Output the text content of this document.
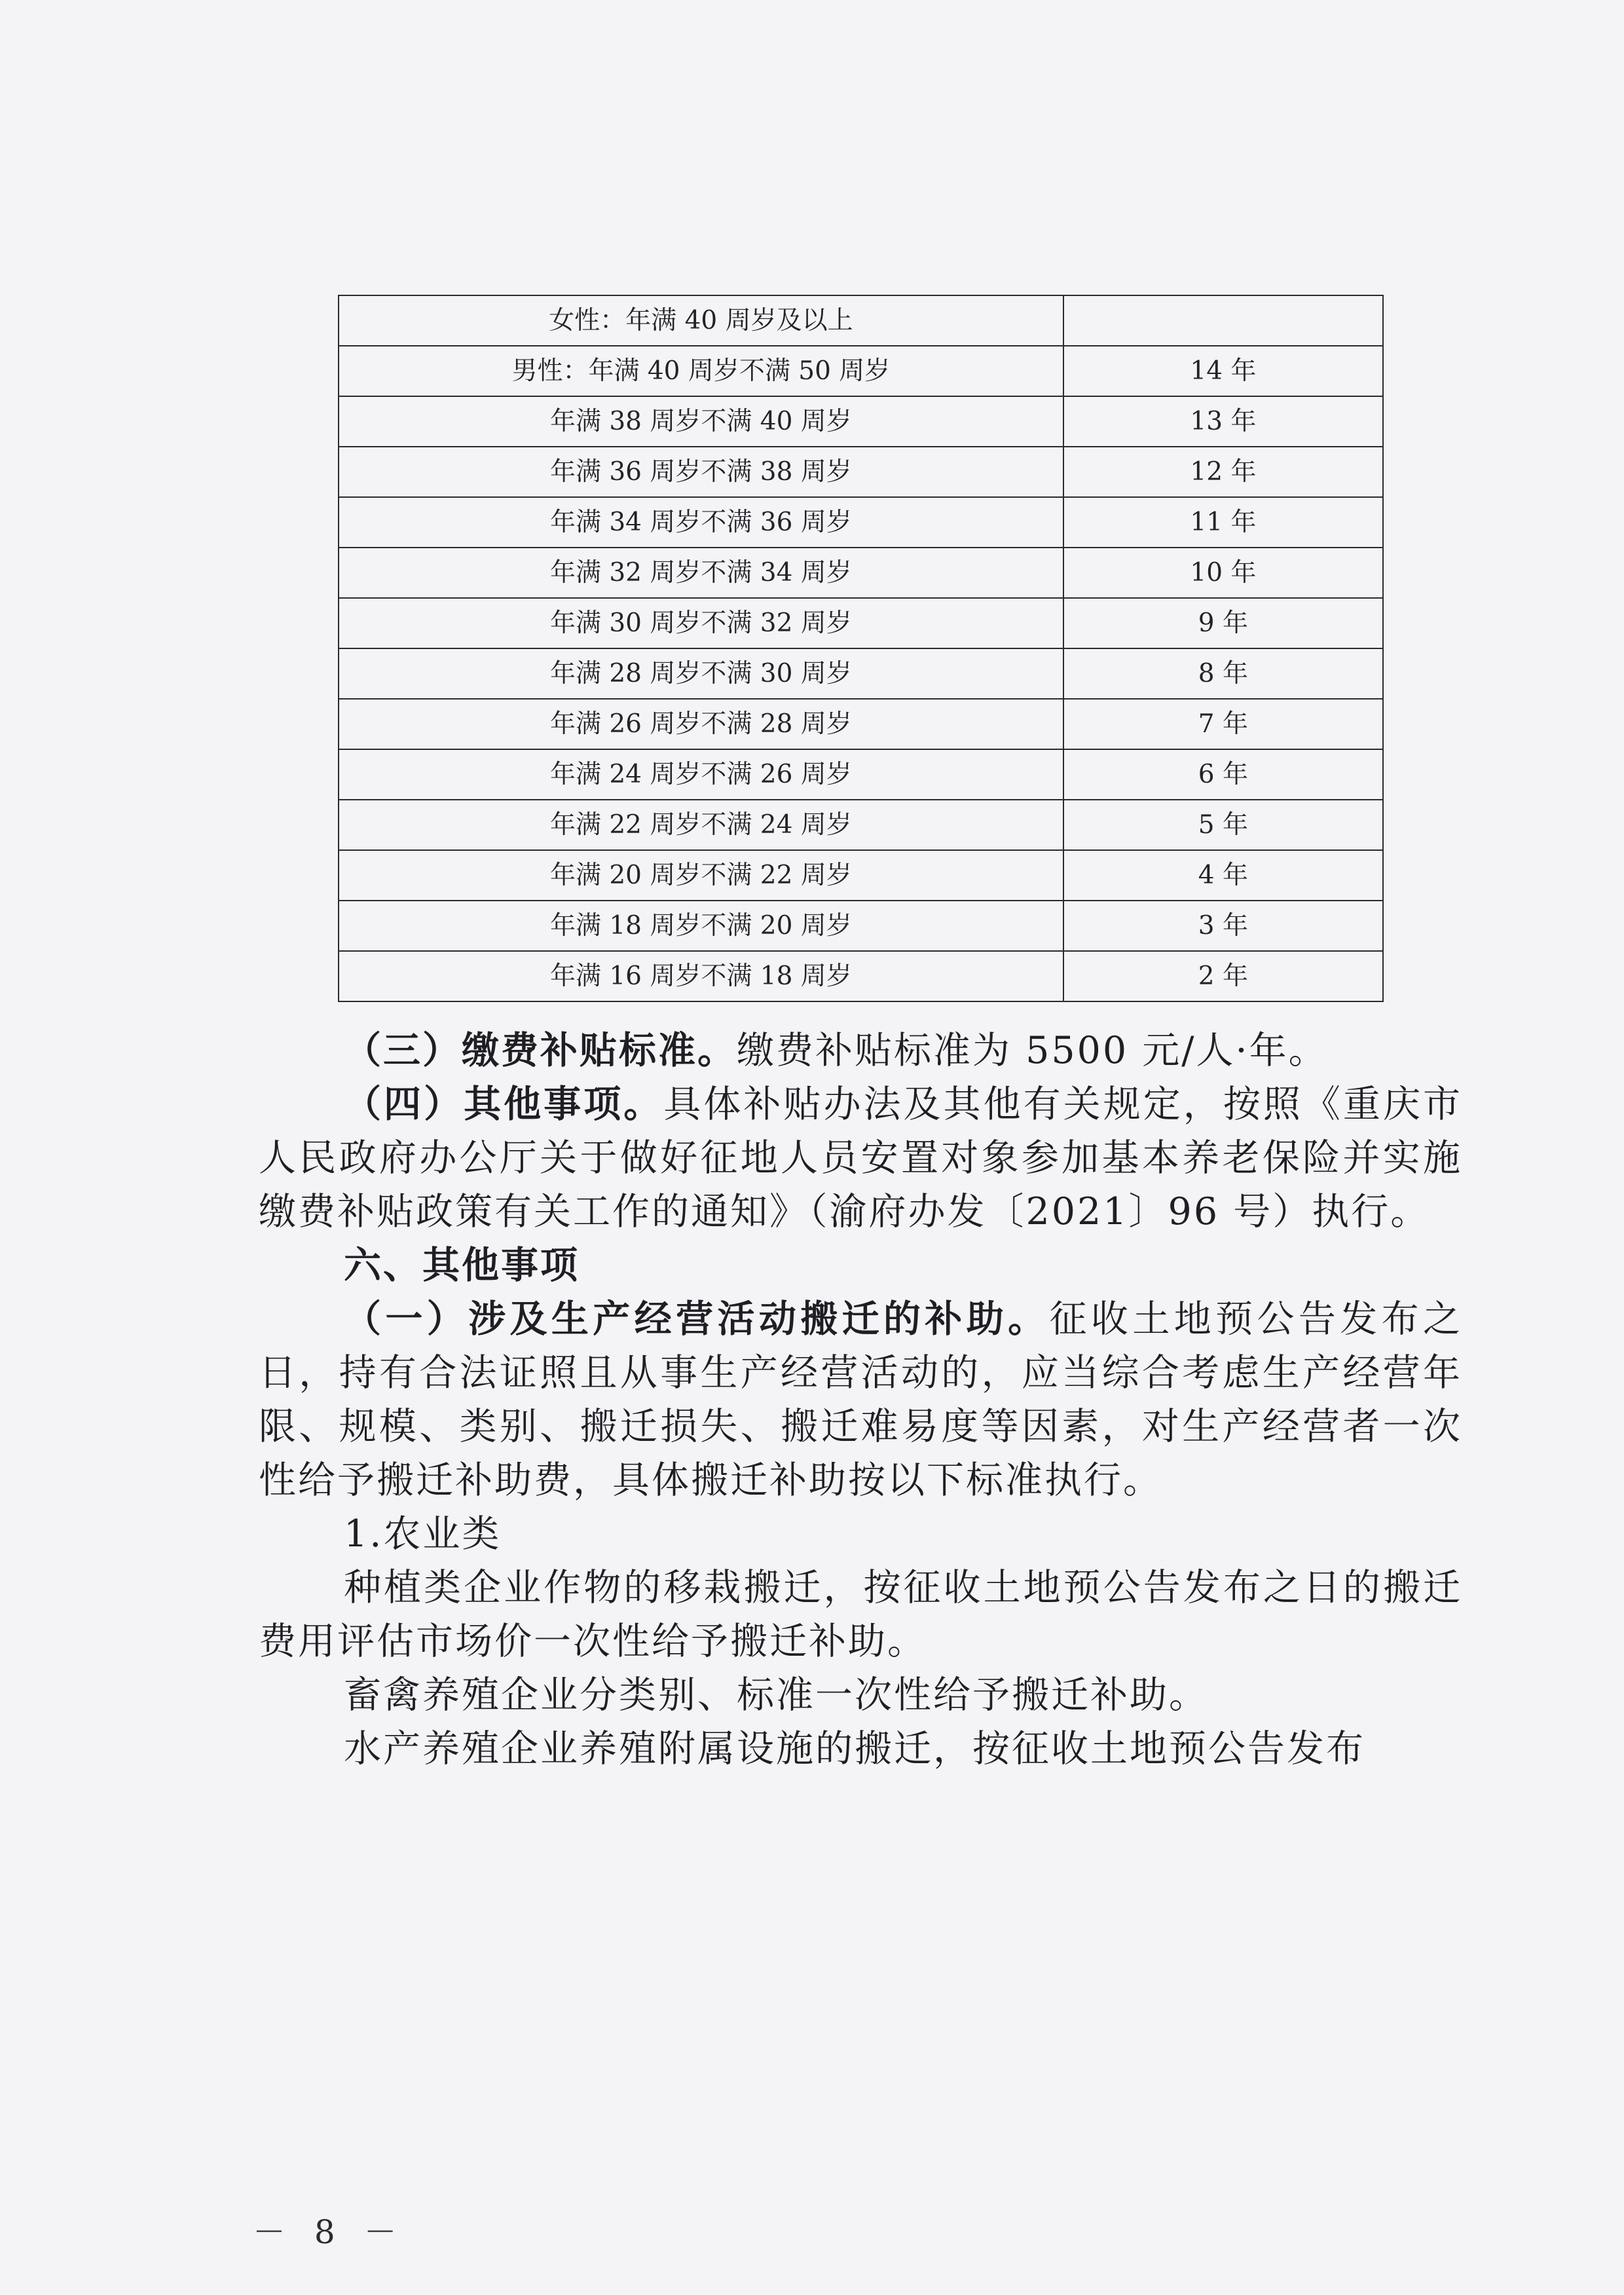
女性：年满 40 周岁及以上	
男性：年满 40 周岁不满 50 周岁	14 年
年满 38 周岁不满 40 周岁	13 年
年满 36 周岁不满 38 周岁	12 年
年满 34 周岁不满 36 周岁	11 年
年满 32 周岁不满 34 周岁	10 年
年满 30 周岁不满 32 周岁	9 年
年满 28 周岁不满 30 周岁	8 年
年满 26 周岁不满 28 周岁	7 年
年满 24 周岁不满 26 周岁	6 年
年满 22 周岁不满 24 周岁	5 年
年满 20 周岁不满 22 周岁	4 年
年满 18 周岁不满 20 周岁	3 年
年满 16 周岁不满 18 周岁	2 年

（三）缴费补贴标准。缴费补贴标准为 5500 元/人·年。

（四）其他事项。具体补贴办法及其他有关规定，按照《重庆市人民政府办公厅关于做好征地人员安置对象参加基本养老保险并实施缴费补贴政策有关工作的通知》（渝府办发〔2021〕96 号）执行。

六、其他事项

（一）涉及生产经营活动搬迁的补助。征收土地预公告发布之日，持有合法证照且从事生产经营活动的，应当综合考虑生产经营年限、规模、类别、搬迁损失、搬迁难易度等因素，对生产经营者一次性给予搬迁补助费，具体搬迁补助按以下标准执行。

1.农业类

种植类企业作物的移栽搬迁，按征收土地预公告发布之日的搬迁费用评估市场价一次性给予搬迁补助。

畜禽养殖企业分类别、标准一次性给予搬迁补助。

水产养殖企业养殖附属设施的搬迁，按征收土地预公告发布

－ 8 －
